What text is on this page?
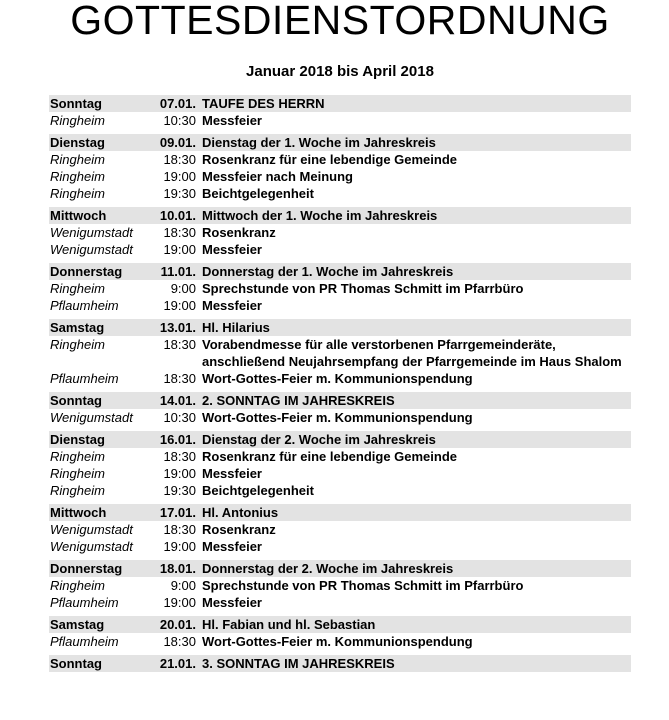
GOTTESDIENSTORDNUNG
Januar 2018 bis April 2018
Sonntag	07.01. TAUFE DES HERRN
Ringheim	10:30 Messfeier
Dienstag	09.01. Dienstag der 1. Woche im Jahreskreis
Ringheim	18:30 Rosenkranz für eine lebendige Gemeinde
Ringheim	19:00 Messfeier nach Meinung
Ringheim	19:30 Beichtgelegenheit
Mittwoch	10.01. Mittwoch der 1. Woche im Jahreskreis
Wenigumstadt 18:30 Rosenkranz
Wenigumstadt 19:00 Messfeier
Donnerstag	11.01. Donnerstag der 1. Woche im Jahreskreis
Ringheim	9:00 Sprechstunde von PR Thomas Schmitt im Pfarrbüro
Pflaumheim	19:00 Messfeier
Samstag	13.01. Hl. Hilarius
Ringheim	18:30 Vorabendmesse für alle verstorbenen Pfarrgemeinderäte, anschließend Neujahrsempfang der Pfarrgemeinde im Haus Shalom
Pflaumheim	18:30 Wort-Gottes-Feier m. Kommunionspendung
Sonntag	14.01. 2. SONNTAG IM JAHRESKREIS
Wenigumstadt 10:30 Wort-Gottes-Feier m. Kommunionspendung
Dienstag	16.01. Dienstag der 2. Woche im Jahreskreis
Ringheim	18:30 Rosenkranz für eine lebendige Gemeinde
Ringheim	19:00 Messfeier
Ringheim	19:30 Beichtgelegenheit
Mittwoch	17.01. Hl. Antonius
Wenigumstadt 18:30 Rosenkranz
Wenigumstadt 19:00 Messfeier
Donnerstag	18.01. Donnerstag der 2. Woche im Jahreskreis
Ringheim	9:00 Sprechstunde von PR Thomas Schmitt im Pfarrbüro
Pflaumheim	19:00 Messfeier
Samstag	20.01. Hl. Fabian und hl. Sebastian
Pflaumheim	18:30 Wort-Gottes-Feier m. Kommunionspendung
Sonntag	21.01. 3. SONNTAG IM JAHRESKREIS
